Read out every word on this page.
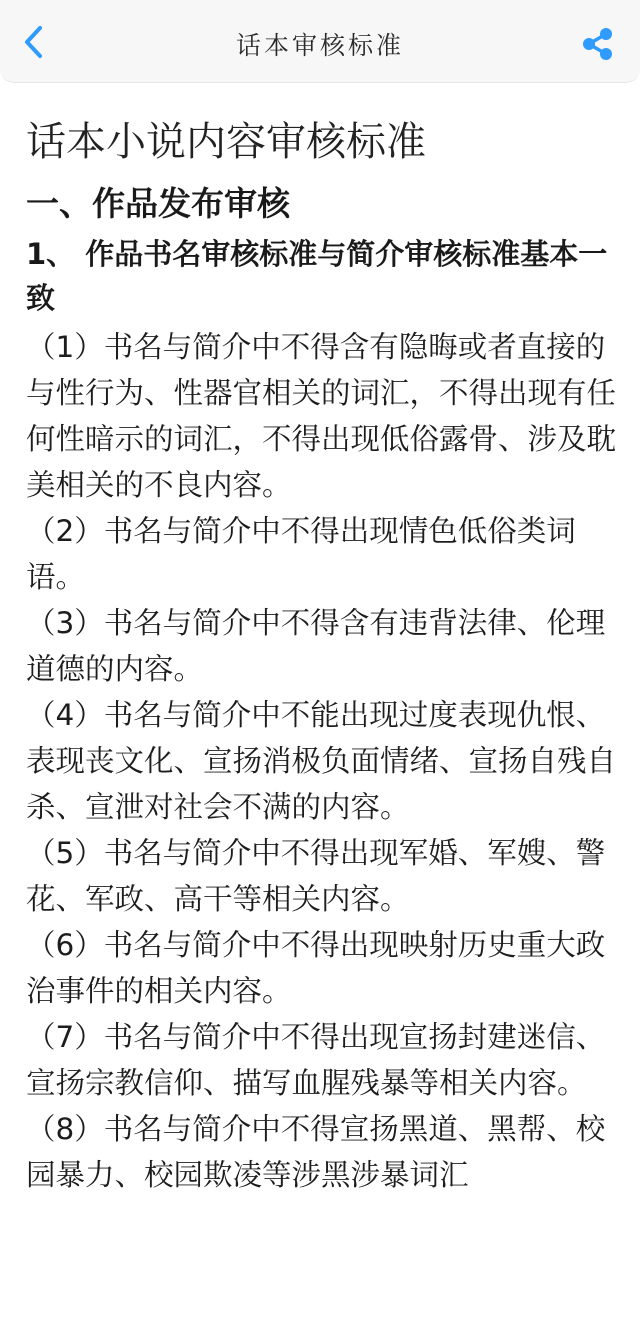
话本审核标准
话本小说内容审核标准
一、作品发布审核
1、 作品书名审核标准与简介审核标准基本一致

（1）书名与简介中不得含有隐晦或者直接的与性行为、性器官相关的词汇，不得出现有任何性暗示的词汇，不得出现低俗露骨、涉及耽美相关的不良内容。

（2）书名与简介中不得出现情色低俗类词语。

（3）书名与简介中不得含有违背法律、伦理道德的内容。

（4）书名与简介中不能出现过度表现仇恨、表现丧文化、宣扬消极负面情绪、宣扬自残自杀、宣泄对社会不满的内容。

（5）书名与简介中不得出现军婚、军嫂、警花、军政、高干等相关内容。

（6）书名与简介中不得出现映射历史重大政治事件的相关内容。

（7）书名与简介中不得出现宣扬封建迷信、宣扬宗教信仰、描写血腥残暴等相关内容。

（8）书名与简介中不得宣扬黑道、黑帮、校园暴力、校园欺凌等涉黑涉暴词汇
